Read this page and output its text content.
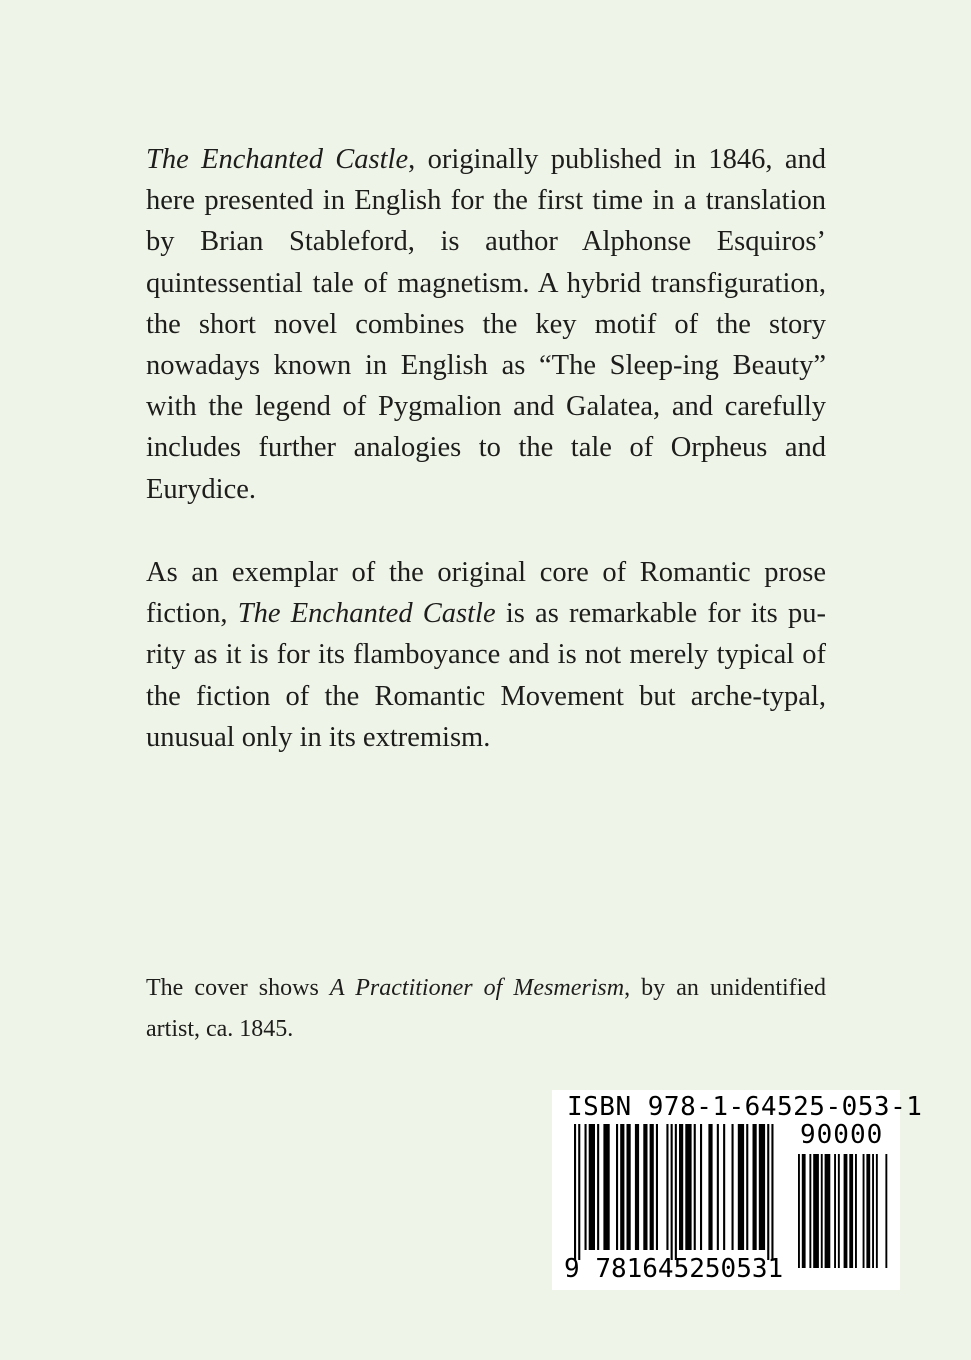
The Enchanted Castle, originally published in 1846, and here presented in English for the first time in a translation by Brian Stableford, is author Alphonse Esquiros’ quintessential tale of magnetism. A hybrid transfiguration, the short novel combines the key motif of the story nowadays known in English as “The Sleep-ing Beauty” with the legend of Pygmalion and Galatea, and carefully includes further analogies to the tale of Orpheus and Eurydice.

As an exemplar of the original core of Romantic prose fiction, The Enchanted Castle is as remarkable for its pu-rity as it is for its flamboyance and is not merely typical of the fiction of the Romantic Movement but arche-typal, unusual only in its extremism.

The cover shows A Practitioner of Mesmerism, by an unidentified artist, ca. 1845.

ISBN 978-1-64525-053-1
90000
9 781645250531
